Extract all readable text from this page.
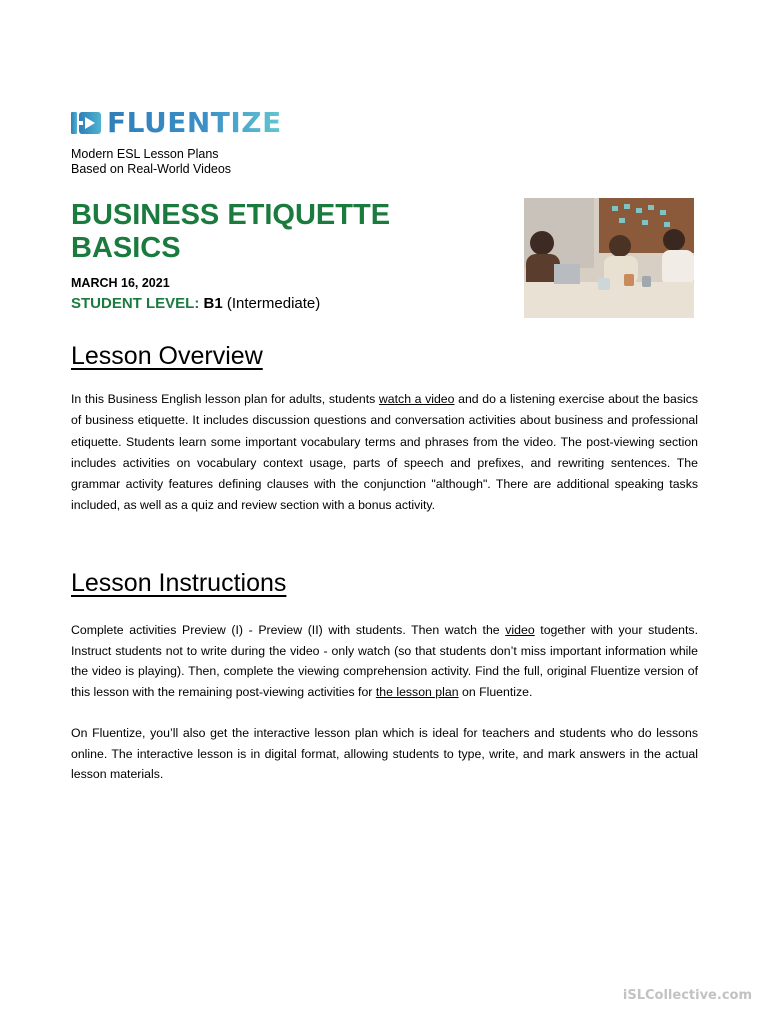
FLUENTIZE
Modern ESL Lesson Plans
Based on Real-World Videos
BUSINESS ETIQUETTE
BASICS
MARCH 16, 2021
STUDENT LEVEL: B1 (Intermediate)
Lesson Overview

In this Business English lesson plan for adults, students watch a video and do a listening exercise about the basics of business etiquette. It includes discussion questions and conversation activities about business and professional etiquette. Students learn some important vocabulary terms and phrases from the video. The post-viewing section includes activities on vocabulary context usage, parts of speech and prefixes, and rewriting sentences. The grammar activity features defining clauses with the conjunction "although". There are additional speaking tasks included, as well as a quiz and review section with a bonus activity.

Lesson Instructions

Complete activities Preview (I) - Preview (II) with students. Then watch the video together with your students. Instruct students not to write during the video - only watch (so that students don’t miss important information while the video is playing). Then, complete the viewing comprehension activity. Find the full, original Fluentize version of this lesson with the remaining post-viewing activities for the lesson plan on Fluentize.

On Fluentize, you’ll also get the interactive lesson plan which is ideal for teachers and students who do lessons online. The interactive lesson is in digital format, allowing students to type, write, and mark answers in the actual lesson materials.

iSLCollective.com
